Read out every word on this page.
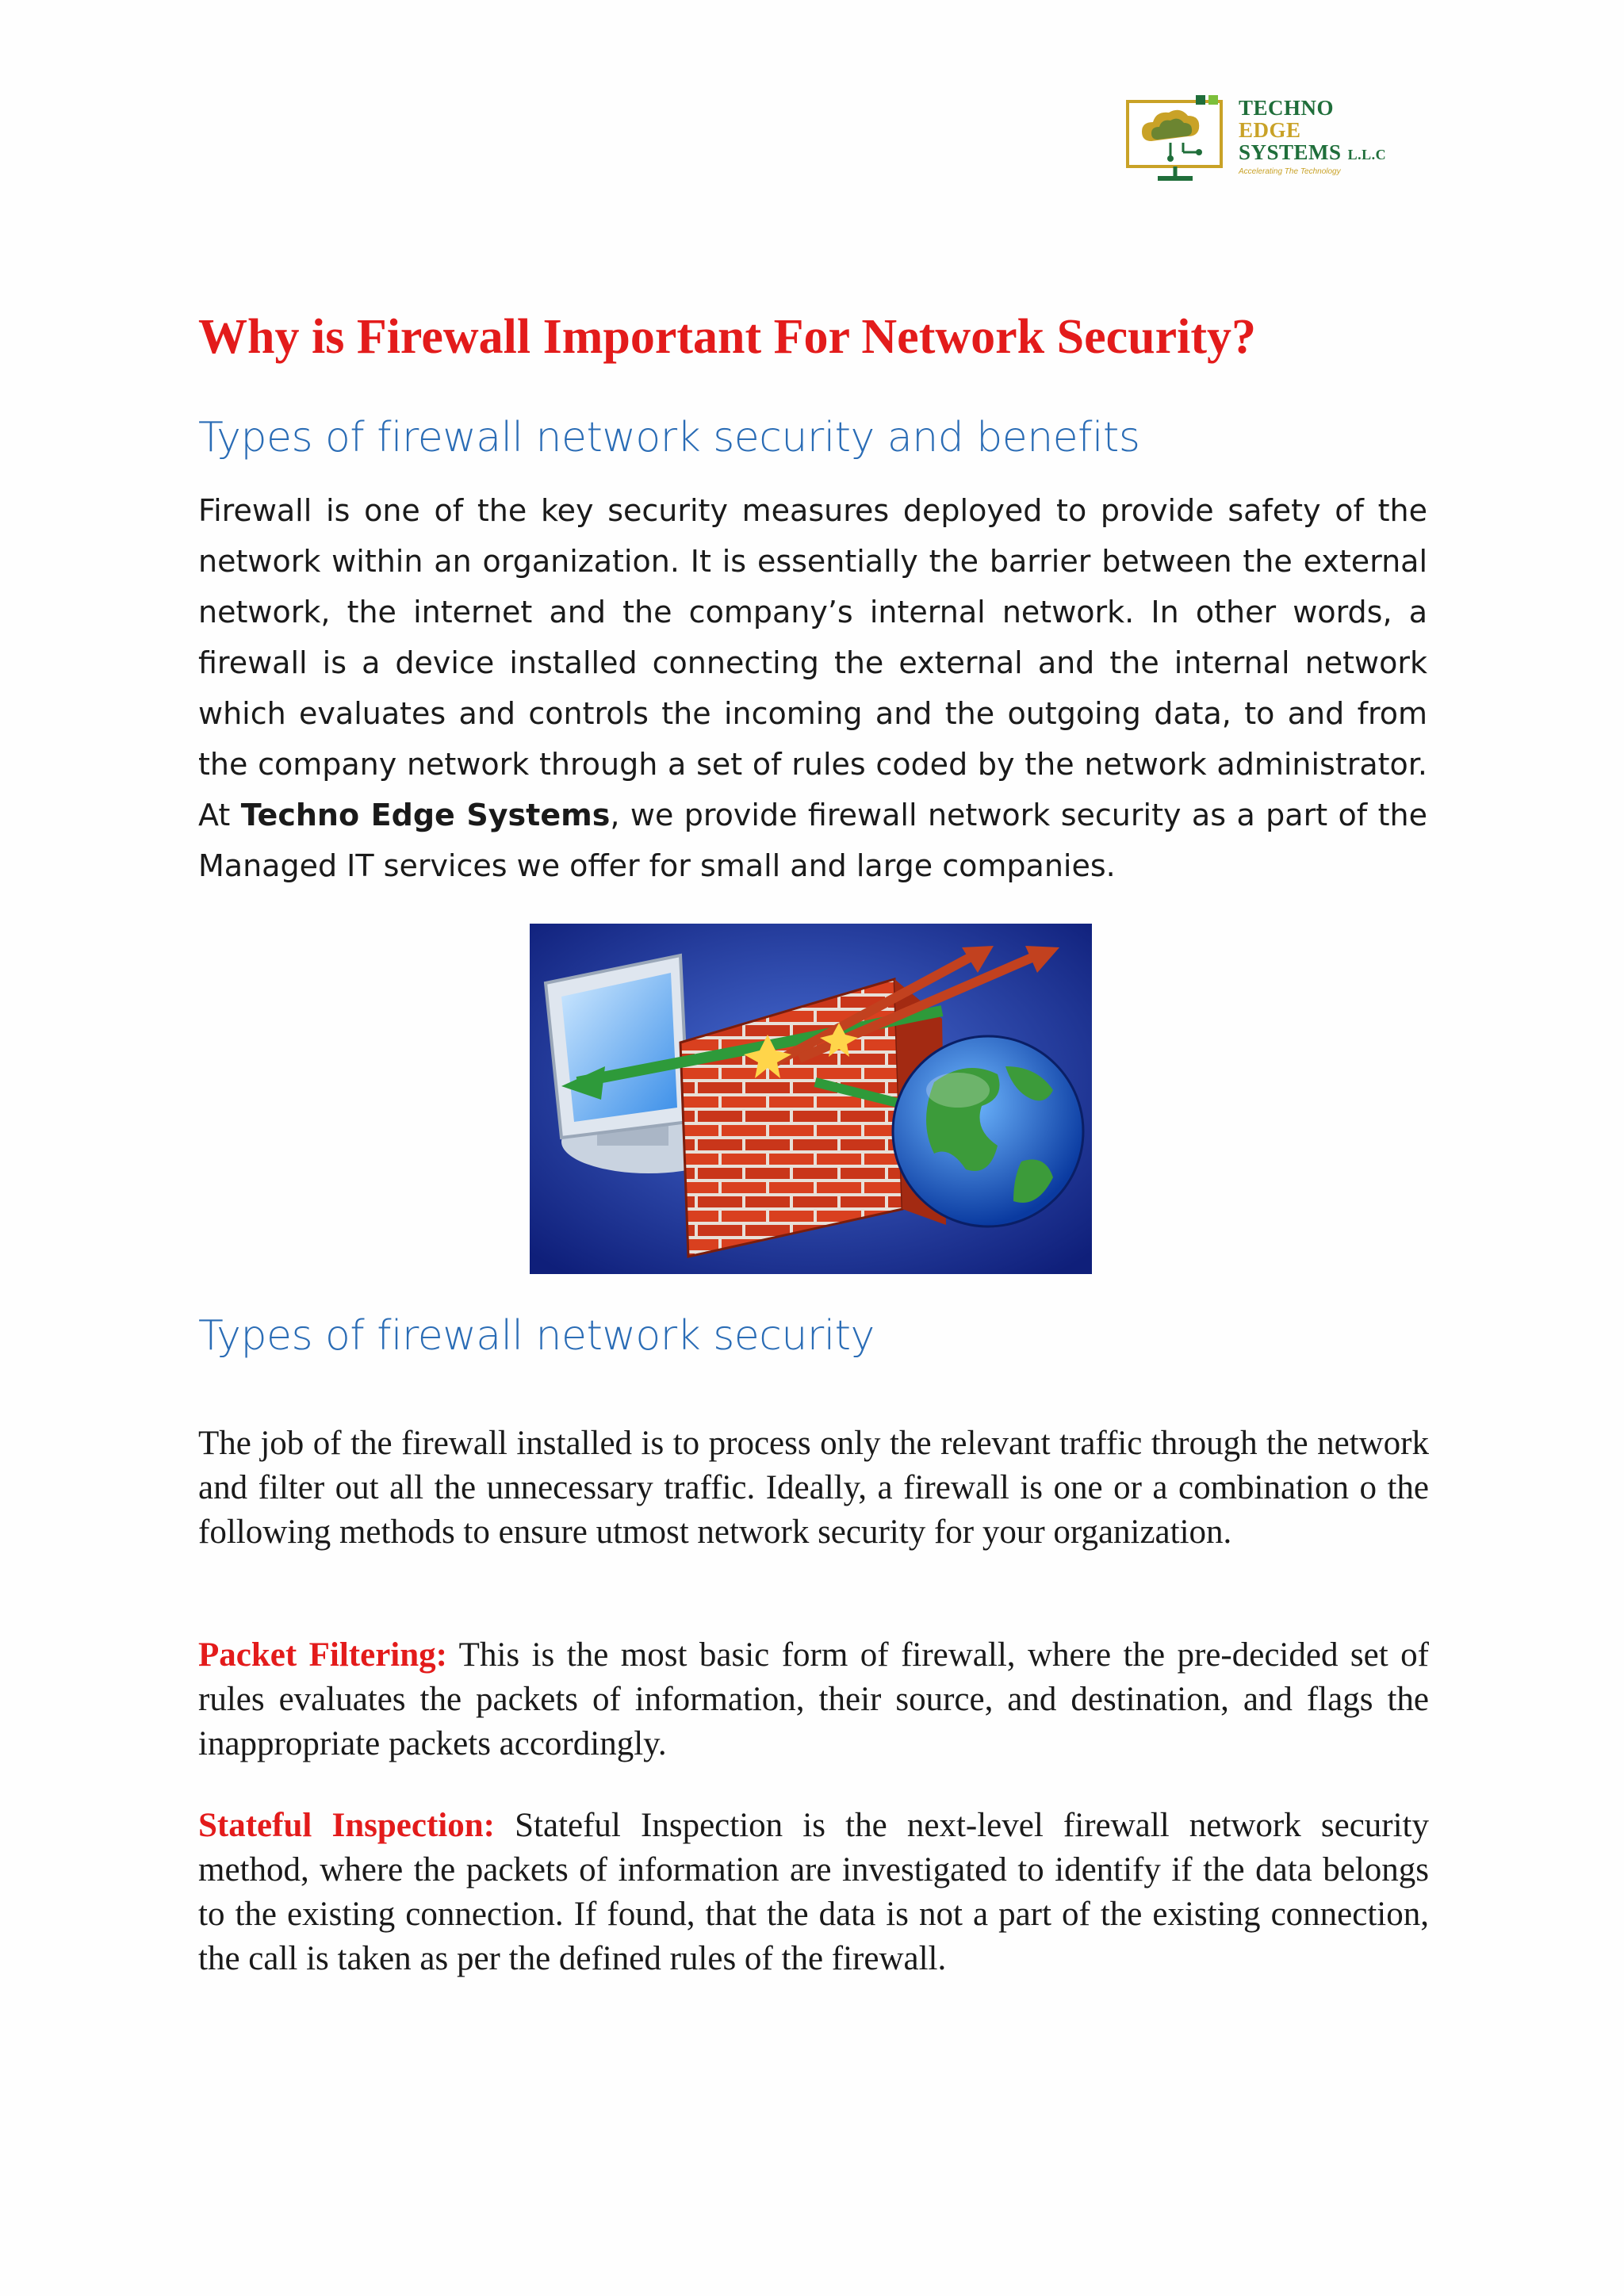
TECHNO
EDGE
SYSTEMS L.L.C
Accelerating The Technology
Why is Firewall Important For Network Security?
Types of firewall network security and benefits

Firewall is one of the key security measures deployed to provide safety of the network within an organization. It is essentially the barrier between the external network, the internet and the company’s internal network. In other words, a firewall is a device installed connecting the external and the internal network which evaluates and controls the incoming and the outgoing data, to and from the company network through a set of rules coded by the network administrator. At Techno Edge Systems, we provide firewall network security as a part of the Managed IT services we offer for small and large companies.

Types of firewall network security

The job of the firewall installed is to process only the relevant traffic through the network and filter out all the unnecessary traffic. Ideally, a firewall is one or a combination o the following methods to ensure utmost network security for your organization.

Packet Filtering: This is the most basic form of firewall, where the pre-decided set of rules evaluates the packets of information, their source, and destination, and flags the inappropriate packets accordingly.

Stateful Inspection: Stateful Inspection is the next-level firewall network security method, where the packets of information are investigated to identify if the data belongs to the existing connection. If found, that the data is not a part of the existing connection, the call is taken as per the defined rules of the firewall.
